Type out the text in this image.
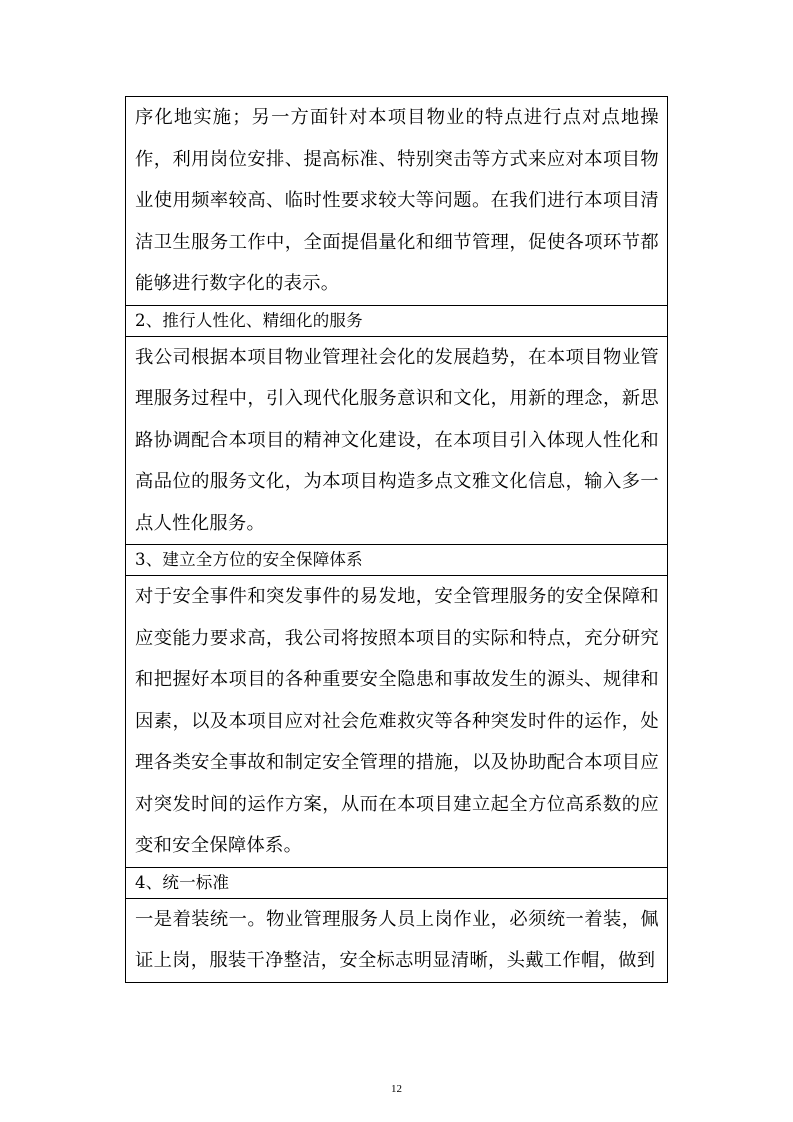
序化地实施；另一方面针对本项目物业的特点进行点对点地操作，利用岗位安排、提高标准、特别突击等方式来应对本项目物业使用频率较高、临时性要求较大等问题。在我们进行本项目清洁卫生服务工作中，全面提倡量化和细节管理，促使各项环节都能够进行数字化的表示。
2、推行人性化、精细化的服务
我公司根据本项目物业管理社会化的发展趋势，在本项目物业管理服务过程中，引入现代化服务意识和文化，用新的理念，新思路协调配合本项目的精神文化建设，在本项目引入体现人性化和高品位的服务文化，为本项目构造多点文雅文化信息，输入多一点人性化服务。
3、建立全方位的安全保障体系
对于安全事件和突发事件的易发地，安全管理服务的安全保障和应变能力要求高，我公司将按照本项目的实际和特点，充分研究和把握好本项目的各种重要安全隐患和事故发生的源头、规律和因素，以及本项目应对社会危难救灾等各种突发时件的运作，处理各类安全事故和制定安全管理的措施，以及协助配合本项目应对突发时间的运作方案，从而在本项目建立起全方位高系数的应变和安全保障体系。
4、统一标准
一是着装统一。物业管理服务人员上岗作业，必须统一着装，佩证上岗，服装干净整洁，安全标志明显清晰，头戴工作帽，做到
12
